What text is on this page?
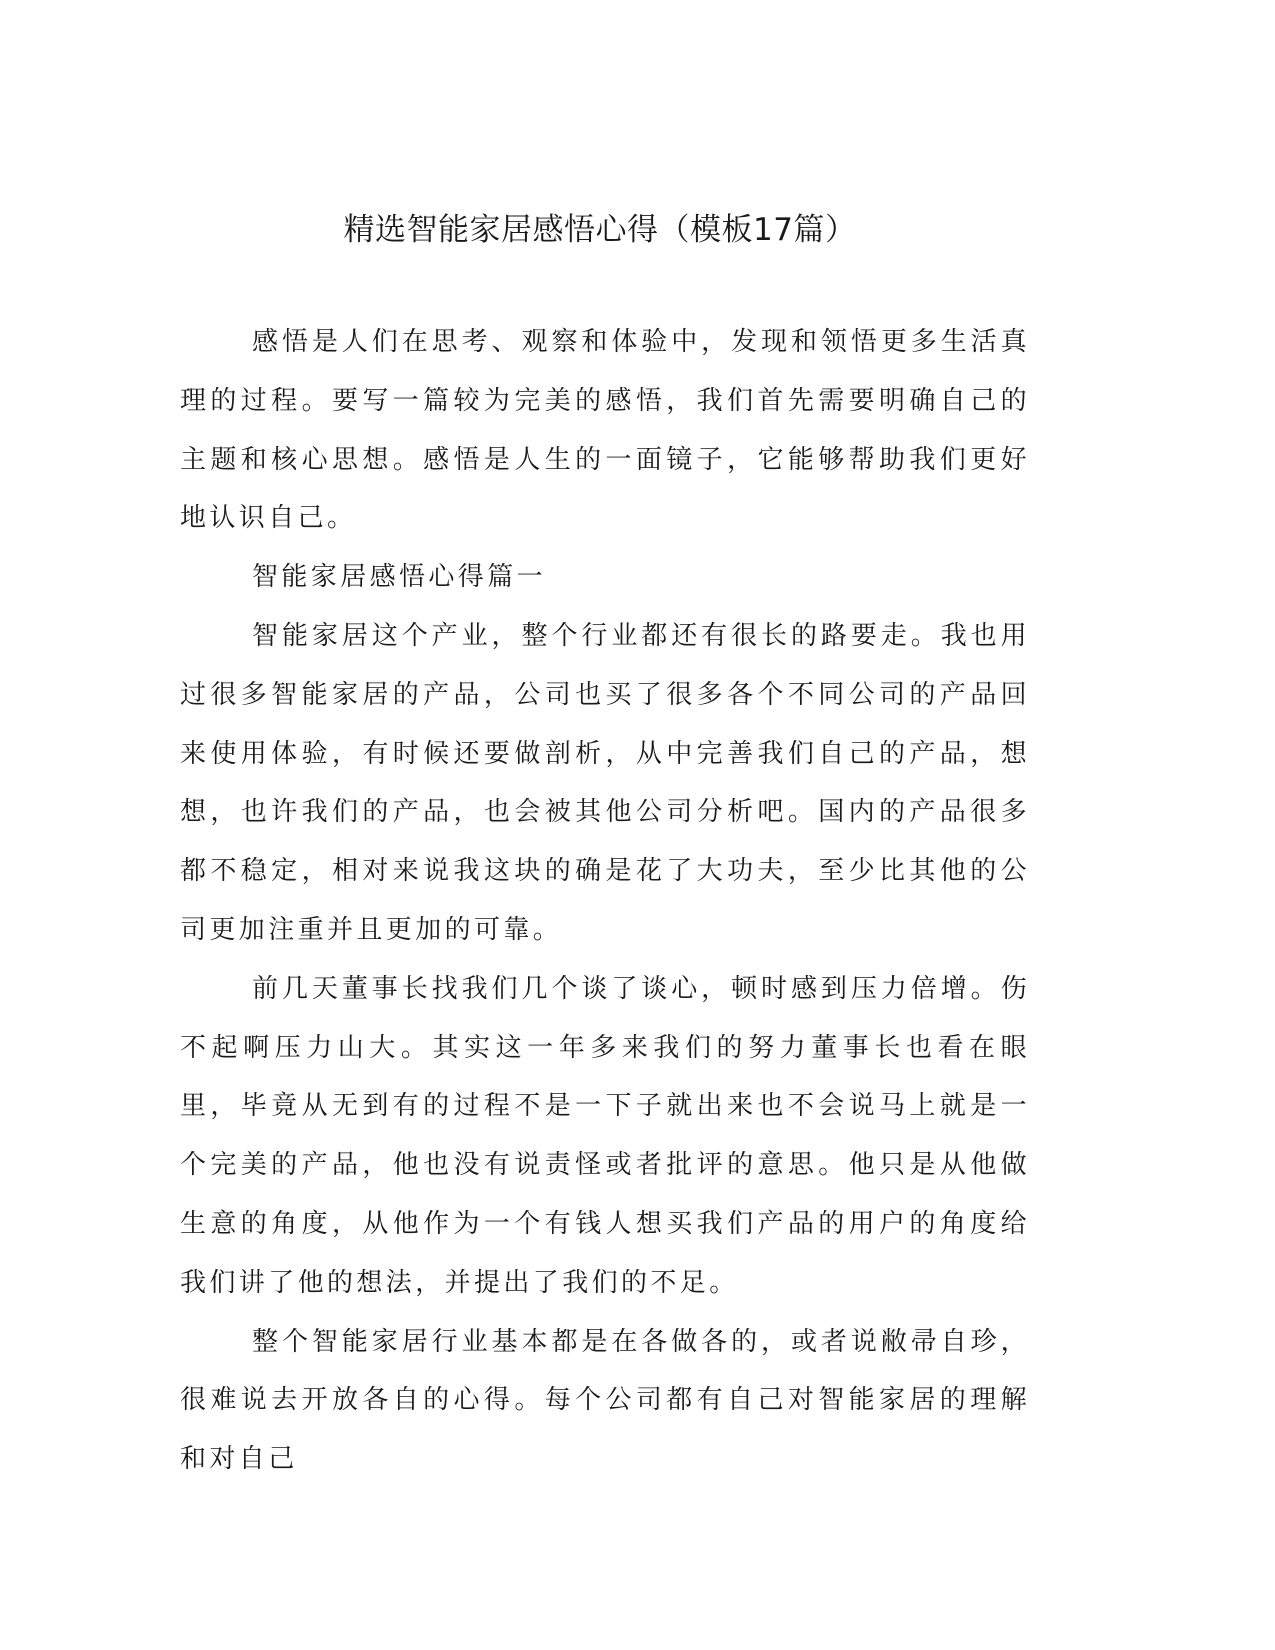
精选智能家居感悟心得（模板17篇）

感悟是人们在思考、观察和体验中，发现和领悟更多生活真理的过程。要写一篇较为完美的感悟，我们首先需要明确自己的主题和核心思想。感悟是人生的一面镜子，它能够帮助我们更好地认识自己。

智能家居感悟心得篇一

智能家居这个产业，整个行业都还有很长的路要走。我也用过很多智能家居的产品，公司也买了很多各个不同公司的产品回来使用体验，有时候还要做剖析，从中完善我们自己的产品，想想，也许我们的产品，也会被其他公司分析吧。国内的产品很多都不稳定，相对来说我这块的确是花了大功夫，至少比其他的公司更加注重并且更加的可靠。

前几天董事长找我们几个谈了谈心，顿时感到压力倍增。伤不起啊压力山大。其实这一年多来我们的努力董事长也看在眼里，毕竟从无到有的过程不是一下子就出来也不会说马上就是一个完美的产品，他也没有说责怪或者批评的意思。他只是从他做生意的角度，从他作为一个有钱人想买我们产品的用户的角度给我们讲了他的想法，并提出了我们的不足。

整个智能家居行业基本都是在各做各的，或者说敝帚自珍，很难说去开放各自的心得。每个公司都有自己对智能家居的理解和对自己
